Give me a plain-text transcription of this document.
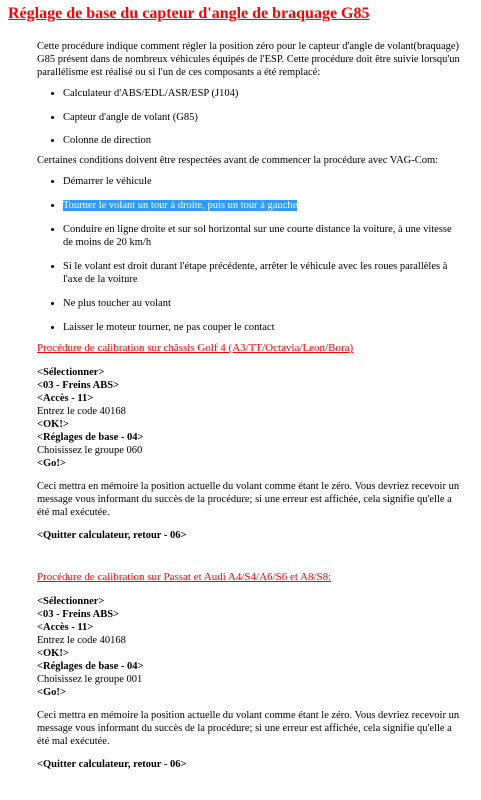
Réglage de base du capteur d'angle de braquage G85

Cette procédure indique comment régler la position zéro pour le capteur d'angle de volant(braquage) G85 présent dans de nombreux véhicules équipés de l'ESP. Cette procédure doit être suivie lorsqu'un parallélisme est réalisé ou si l'un de ces composants a été remplacé:

• Calculateur d'ABS/EDL/ASR/ESP (J104)
• Capteur d'angle de volant (G85)
• Colonne de direction

Certaines conditions doivent être respectées avant de commencer la procédure avec VAG-Com:

• Démarrer le véhicule
• Tourner le volant un tour à droite, puis un tour à gauche
• Conduire en ligne droite et sur sol horizontal sur une courte distance la voiture, à une vitesse de moins de 20 km/h
• Si le volant est droit durant l'étape précédente, arrêter le véhicule avec les roues parallèles à l'axe de la voiture
• Ne plus toucher au volant
• Laisser le moteur tourner, ne pas couper le contact
Procédure de calibration sur châssis Golf 4 (A3/TT/Octavia/Leon/Bora)
<Sélectionner>
<03 - Freins ABS>
<Accès - 11>
Entrez le code 40168
<OK!>
<Réglages de base - 04>
Choisissez le groupe 060
<Go!>

Ceci mettra en mémoire la position actuelle du volant comme étant le zéro. Vous devriez recevoir un message vous informant du succès de la procédure; si une erreur est affichée, cela signifie qu'elle a été mal exécutée.

<Quitter calculateur, retour - 06>

Procédure de calibration sur Passat et Audi A4/S4/A6/S6 et A8/S8:
<Sélectionner>
<03 - Freins ABS>
<Accès - 11>
Entrez le code 40168
<OK!>
<Réglages de base - 04>
Choisissez le groupe 001
<Go!>

Ceci mettra en mémoire la position actuelle du volant comme étant le zéro. Vous devriez recevoir un message vous informant du succès de la procédure; si une erreur est affichée, cela signifie qu'elle a été mal exécutée.

<Quitter calculateur, retour - 06>
